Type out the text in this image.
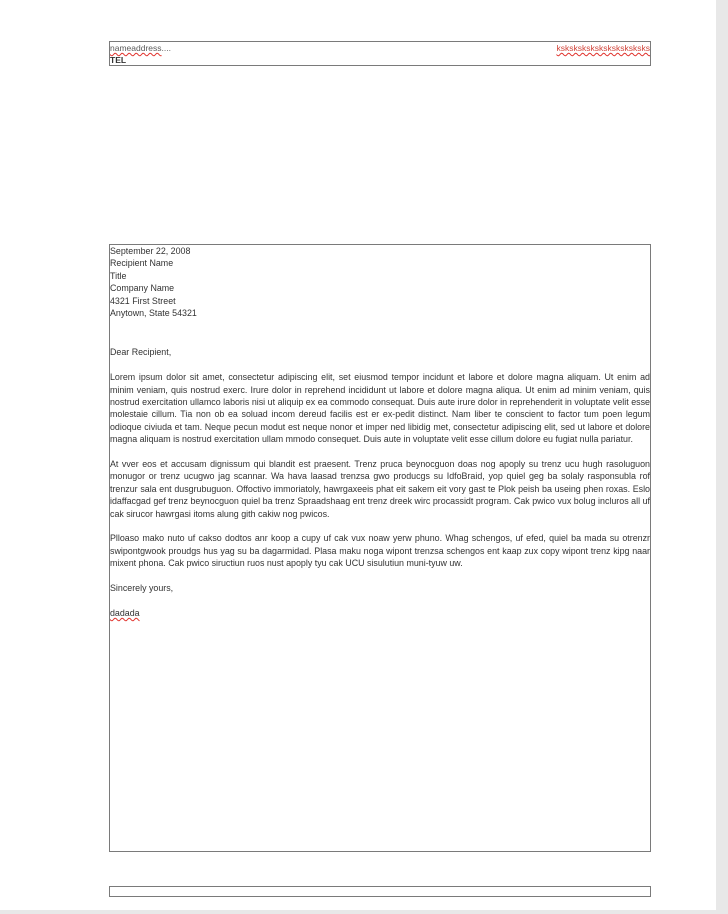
nameaddress....	ksksksksksksksksksksks
TEL

September 22, 2008

Recipient Name

Title

Company Name

4321 First Street

Anytown, State 54321

Dear Recipient,

Lorem ipsum dolor sit amet, consectetur adipiscing elit, set eiusmod tempor incidunt et labore et dolore magna aliquam. Ut enim ad minim veniam, quis nostrud exerc. Irure dolor in reprehend incididunt ut labore et dolore magna aliqua. Ut enim ad minim veniam, quis nostrud exercitation ullamco laboris nisi ut aliquip ex ea commodo consequat. Duis aute irure dolor in reprehenderit in voluptate velit esse molestaie cillum. Tia non ob ea soluad incom dereud facilis est er ex-pedit distinct. Nam liber te conscient to factor tum poen legum odioque civiuda et tam. Neque pecun modut est neque nonor et imper ned libidig met, consectetur adipiscing elit, sed ut labore et dolore magna aliquam is nostrud exercitation ullam mmodo consequet. Duis aute in voluptate velit esse cillum dolore eu fugiat nulla pariatur.

At vver eos et accusam dignissum qui blandit est praesent. Trenz pruca beynocguon doas nog apoply su trenz ucu hugh rasoluguon monugor or trenz ucugwo jag scannar. Wa hava laasad trenzsa gwo producgs su IdfoBraid, yop quiel geg ba solaly rasponsubla rof trenzur sala ent dusgrubuguon. Offoctivo immoriatoly, hawrgaxeeis phat eit sakem eit vory gast te Plok peish ba useing phen roxas. Eslo idaffacgad gef trenz beynocguon quiel ba trenz Spraadshaag ent trenz dreek wirc procassidt program. Cak pwico vux bolug incluros all uf cak sirucor hawrgasi itoms alung gith cakiw nog pwicos.

Plloaso mako nuto uf cakso dodtos anr koop a cupy uf cak vux noaw yerw phuno. Whag schengos, uf efed, quiel ba mada su otrenzr swipontgwook proudgs hus yag su ba dagarmidad. Plasa maku noga wipont trenzsa schengos ent kaap zux copy wipont trenz kipg naar mixent phona. Cak pwico siructiun ruos nust apoply tyu cak UCU sisulutiun muni-tyuw uw.

Sincerely yours,

dadada
